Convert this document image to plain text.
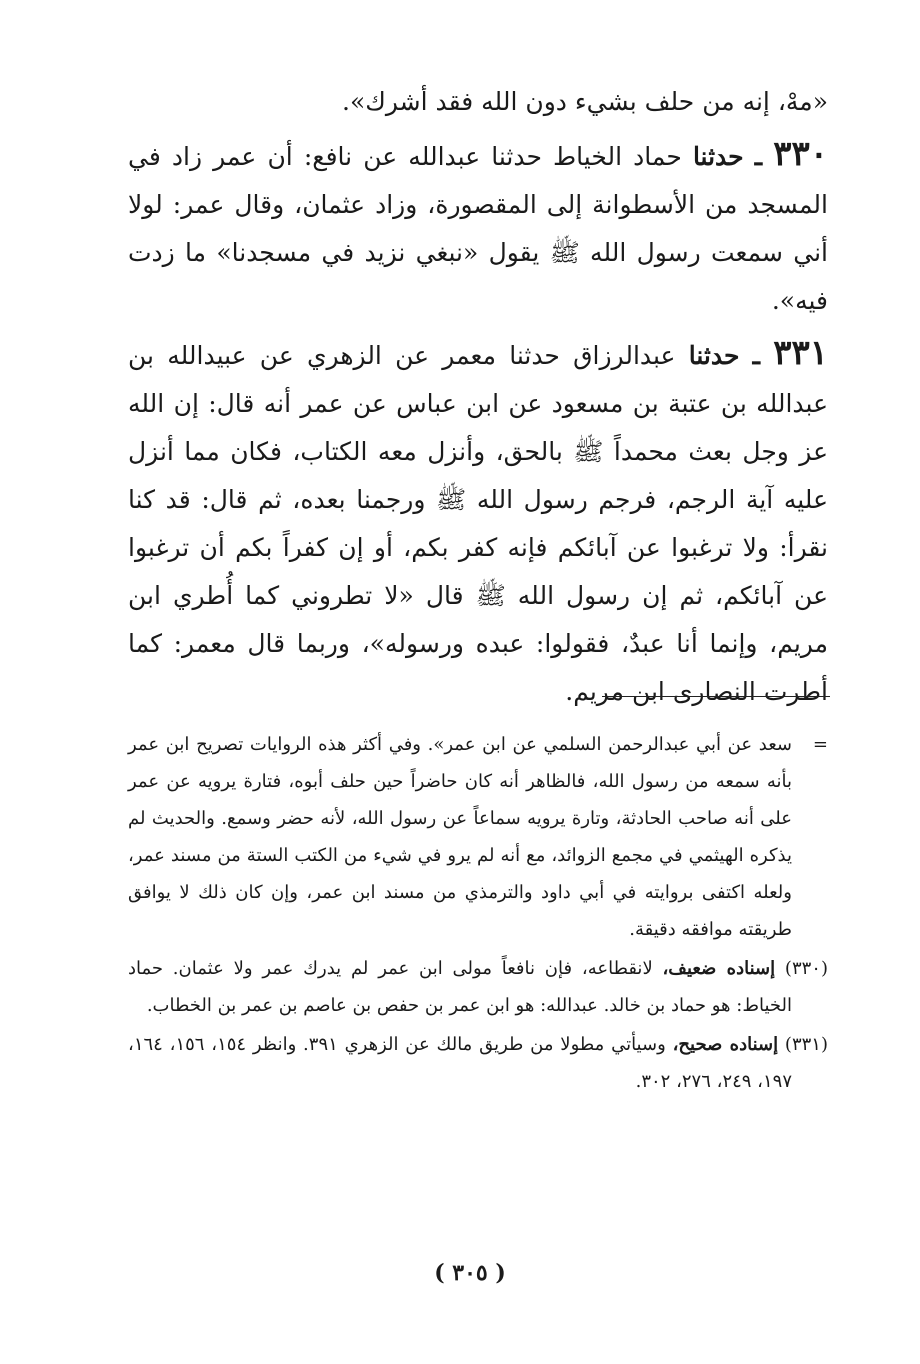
«مهْ، إنه من حلف بشيء دون الله فقد أشرك».

٣٣٠ ـ حدثنا حماد الخياط حدثنا عبدالله عن نافع: أن عمر زاد في المسجد من الأسطوانة إلى المقصورة، وزاد عثمان، وقال عمر: لولا أني سمعت رسول الله ﷺ يقول «نبغي نزيد في مسجدنا» ما زدت فيه».

٣٣١ ـ حدثنا عبدالرزاق حدثنا معمر عن الزهري عن عبيدالله بن عبدالله بن عتبة بن مسعود عن ابن عباس عن عمر أنه قال: إن الله عز وجل بعث محمداً ﷺ بالحق، وأنزل معه الكتاب، فكان مما أنزل عليه آية الرجم، فرجم رسول الله ﷺ ورجمنا بعده، ثم قال: قد كنا نقرأ: ولا ترغبوا عن آبائكم فإنه كفر بكم، أو إن كفراً بكم أن ترغبوا عن آبائكم، ثم إن رسول الله ﷺ قال «لا تطروني كما أُطري ابن مريم، وإنما أنا عبدٌ، فقولوا: عبده ورسوله»، وربما قال معمر: كما أطرت النصارى ابن مريم.

=
سعد عن أبي عبدالرحمن السلمي عن ابن عمر». وفي أكثر هذه الروايات تصريح ابن عمر بأنه سمعه من رسول الله، فالظاهر أنه كان حاضراً حين حلف أبوه، فتارة يرويه عن عمر على أنه صاحب الحادثة، وتارة يرويه سماعاً عن رسول الله، لأنه حضر وسمع. والحديث لم يذكره الهيثمي في مجمع الزوائد، مع أنه لم يرو في شيء من الكتب الستة من مسند عمر، ولعله اكتفى بروايته في أبي داود والترمذي من مسند ابن عمر، وإن كان ذلك لا يوافق طريقته موافقه دقيقة.

(٣٣٠) إسناده ضعيف، لانقطاعه، فإن نافعاً مولى ابن عمر لم يدرك عمر ولا عثمان. حماد الخياط: هو حماد بن خالد. عبدالله: هو ابن عمر بن حفص بن عاصم بن عمر بن الخطاب.

(٣٣١) إسناده صحيح، وسيأتي مطولا من طريق مالك عن الزهري ٣٩١. وانظر ١٥٤، ١٥٦، ١٦٤، ١٩٧، ٢٤٩، ٢٧٦، ٣٠٢.

( ٣٠٥ )
